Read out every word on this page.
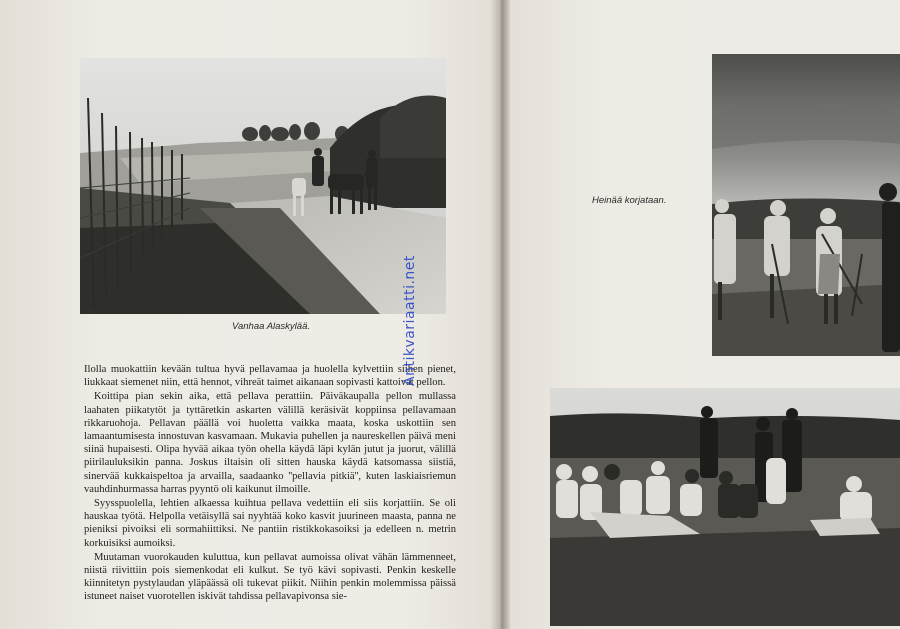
Vanhaa Alaskylää.

Ilolla muokattiin kevään tultua hyvä pellavamaa ja huolella kylvettiin siihen pienet, liukkaat siemenet niin, että hennot, vihreät taimet aikanaan sopivasti kattoivat pellon.

Koittipa pian sekin aika, että pellava perattiin. Päiväkaupalla pellon mullassa laahaten piikatytöt ja tyttäretkin askarten välillä keräsivät koppiinsa pellavamaan rikkaruohoja. Pellavan päällä voi huoletta vaikka maata, koska uskottiin sen lamaantumisesta innostuvan kasvamaan. Mukavia puhellen ja naureskellen päivä meni siinä hupaisesti. Olipa hyvää aikaa työn ohella käydä läpi kylän jutut ja juorut, välillä piirilauluksikin panna. Joskus iltaisin oli sitten hauska käydä katsomassa siistiä, sinervää kukkaispeltoa ja arvailla, saadaanko ''pellavia pitkiä'', kuten laskiaisriemun vauhdinhurmassa harras pyyntö oli kaikunut ilmoille.

Syysspuolella, lehtien alkaessa kuihtua pellava vedettiin eli siis korjattiin. Se oli hauskaa työtä. Helpolla vetäisyllä sai nyyhtää koko kasvit juurineen maasta, panna ne pieniksi pivoiksi eli sormahiittiksi. Ne pantiin ristikkokasoiksi ja edelleen n. metrin korkuisiksi aumoiksi.

Muutaman vuorokauden kuluttua, kun pellavat aumoissa olivat vähän lämmenneet, niistä riivittiin pois siemenkodat eli kulkut. Se työ kävi sopivasti. Penkin keskelle kiinnitetyn pystylaudan yläpäässä oli tukevat piikit. Niihin penkin molemmissa päissä istuneet naiset vuorotellen iskivät tahdissa pellavapivonsa sie-

Heinää korjataan.
Antikvariaatti.net
